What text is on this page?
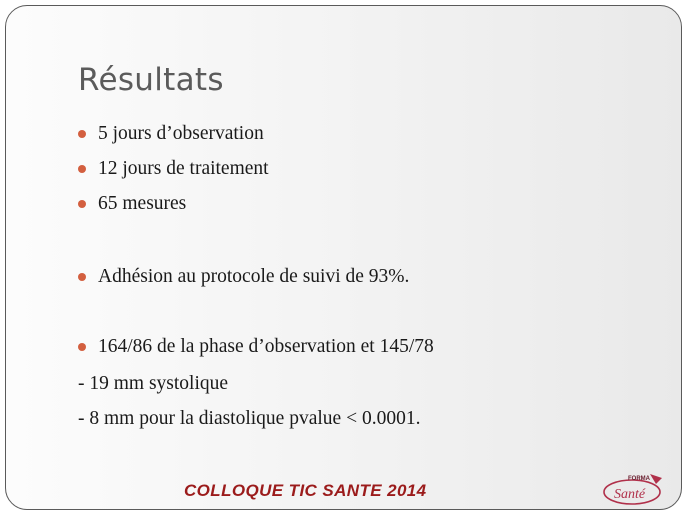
Résultats
5 jours d’observation
12 jours de traitement
65 mesures
Adhésion au protocole de suivi de 93%.
164/86 de la phase d’observation et 145/78
- 19 mm systolique
- 8 mm pour la diastolique pvalue < 0.0001.
COLLOQUE TIC SANTE 2014
FORMA
Santé
